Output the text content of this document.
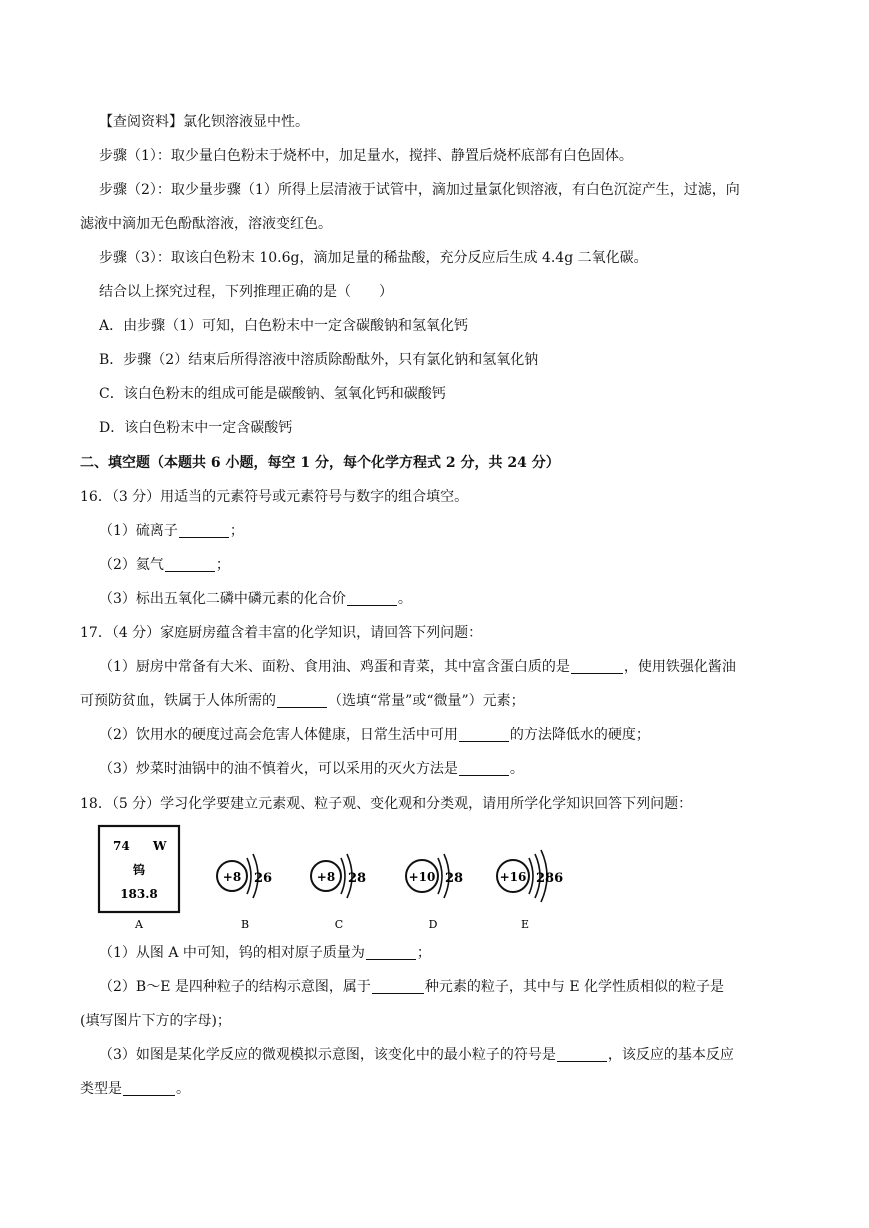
【查阅资料】氯化钡溶液显中性。
步骤（1）：取少量白色粉末于烧杯中，加足量水，搅拌、静置后烧杯底部有白色固体。
步骤（2）：取少量步骤（1）所得上层清液于试管中，滴加过量氯化钡溶液，有白色沉淀产生，过滤，向
滤液中滴加无色酚酞溶液，溶液变红色。
步骤（3）：取该白色粉末 10.6g，滴加足量的稀盐酸，充分反应后生成 4.4g 二氧化碳。
结合以上探究过程，下列推理正确的是（　　）
A．由步骤（1）可知，白色粉末中一定含碳酸钠和氢氧化钙
B．步骤（2）结束后所得溶液中溶质除酚酞外，只有氯化钠和氢氧化钠
C．该白色粉末的组成可能是碳酸钠、氢氧化钙和碳酸钙
D．该白色粉末中一定含碳酸钙
二、填空题（本题共 6 小题，每空 1 分，每个化学方程式 2 分，共 24 分）
16．（3 分）用适当的元素符号或元素符号与数字的组合填空。
（1）硫离子	；
（2）氦气	；
（3）标出五氧化二磷中磷元素的化合价	。
17．（4 分）家庭厨房蕴含着丰富的化学知识，请回答下列问题：
（1）厨房中常备有大米、面粉、食用油、鸡蛋和青菜，其中富含蛋白质的是	，使用铁强化酱油
可预防贫血，铁属于人体所需的	（选填“常量”或“微量”）元素；
（2）饮用水的硬度过高会危害人体健康，日常生活中可用	的方法降低水的硬度；
（3）炒菜时油锅中的油不慎着火，可以采用的灭火方法是	。
18．（5 分）学习化学要建立元素观、粒子观、变化观和分类观，请用所学化学知识回答下列问题：
74 W
钨
183.8
A
+8 26
B
+8 28
C
+10 28
D
+16 286
E
（1）从图 A 中可知，钨的相对原子质量为	；
（2）B～E 是四种粒子的结构示意图，属于	种元素的粒子，其中与 E 化学性质相似的粒子是
(填写图片下方的字母)；
（3）如图是某化学反应的微观模拟示意图，该变化中的最小粒子的符号是	，该反应的基本反应
类型是	。
